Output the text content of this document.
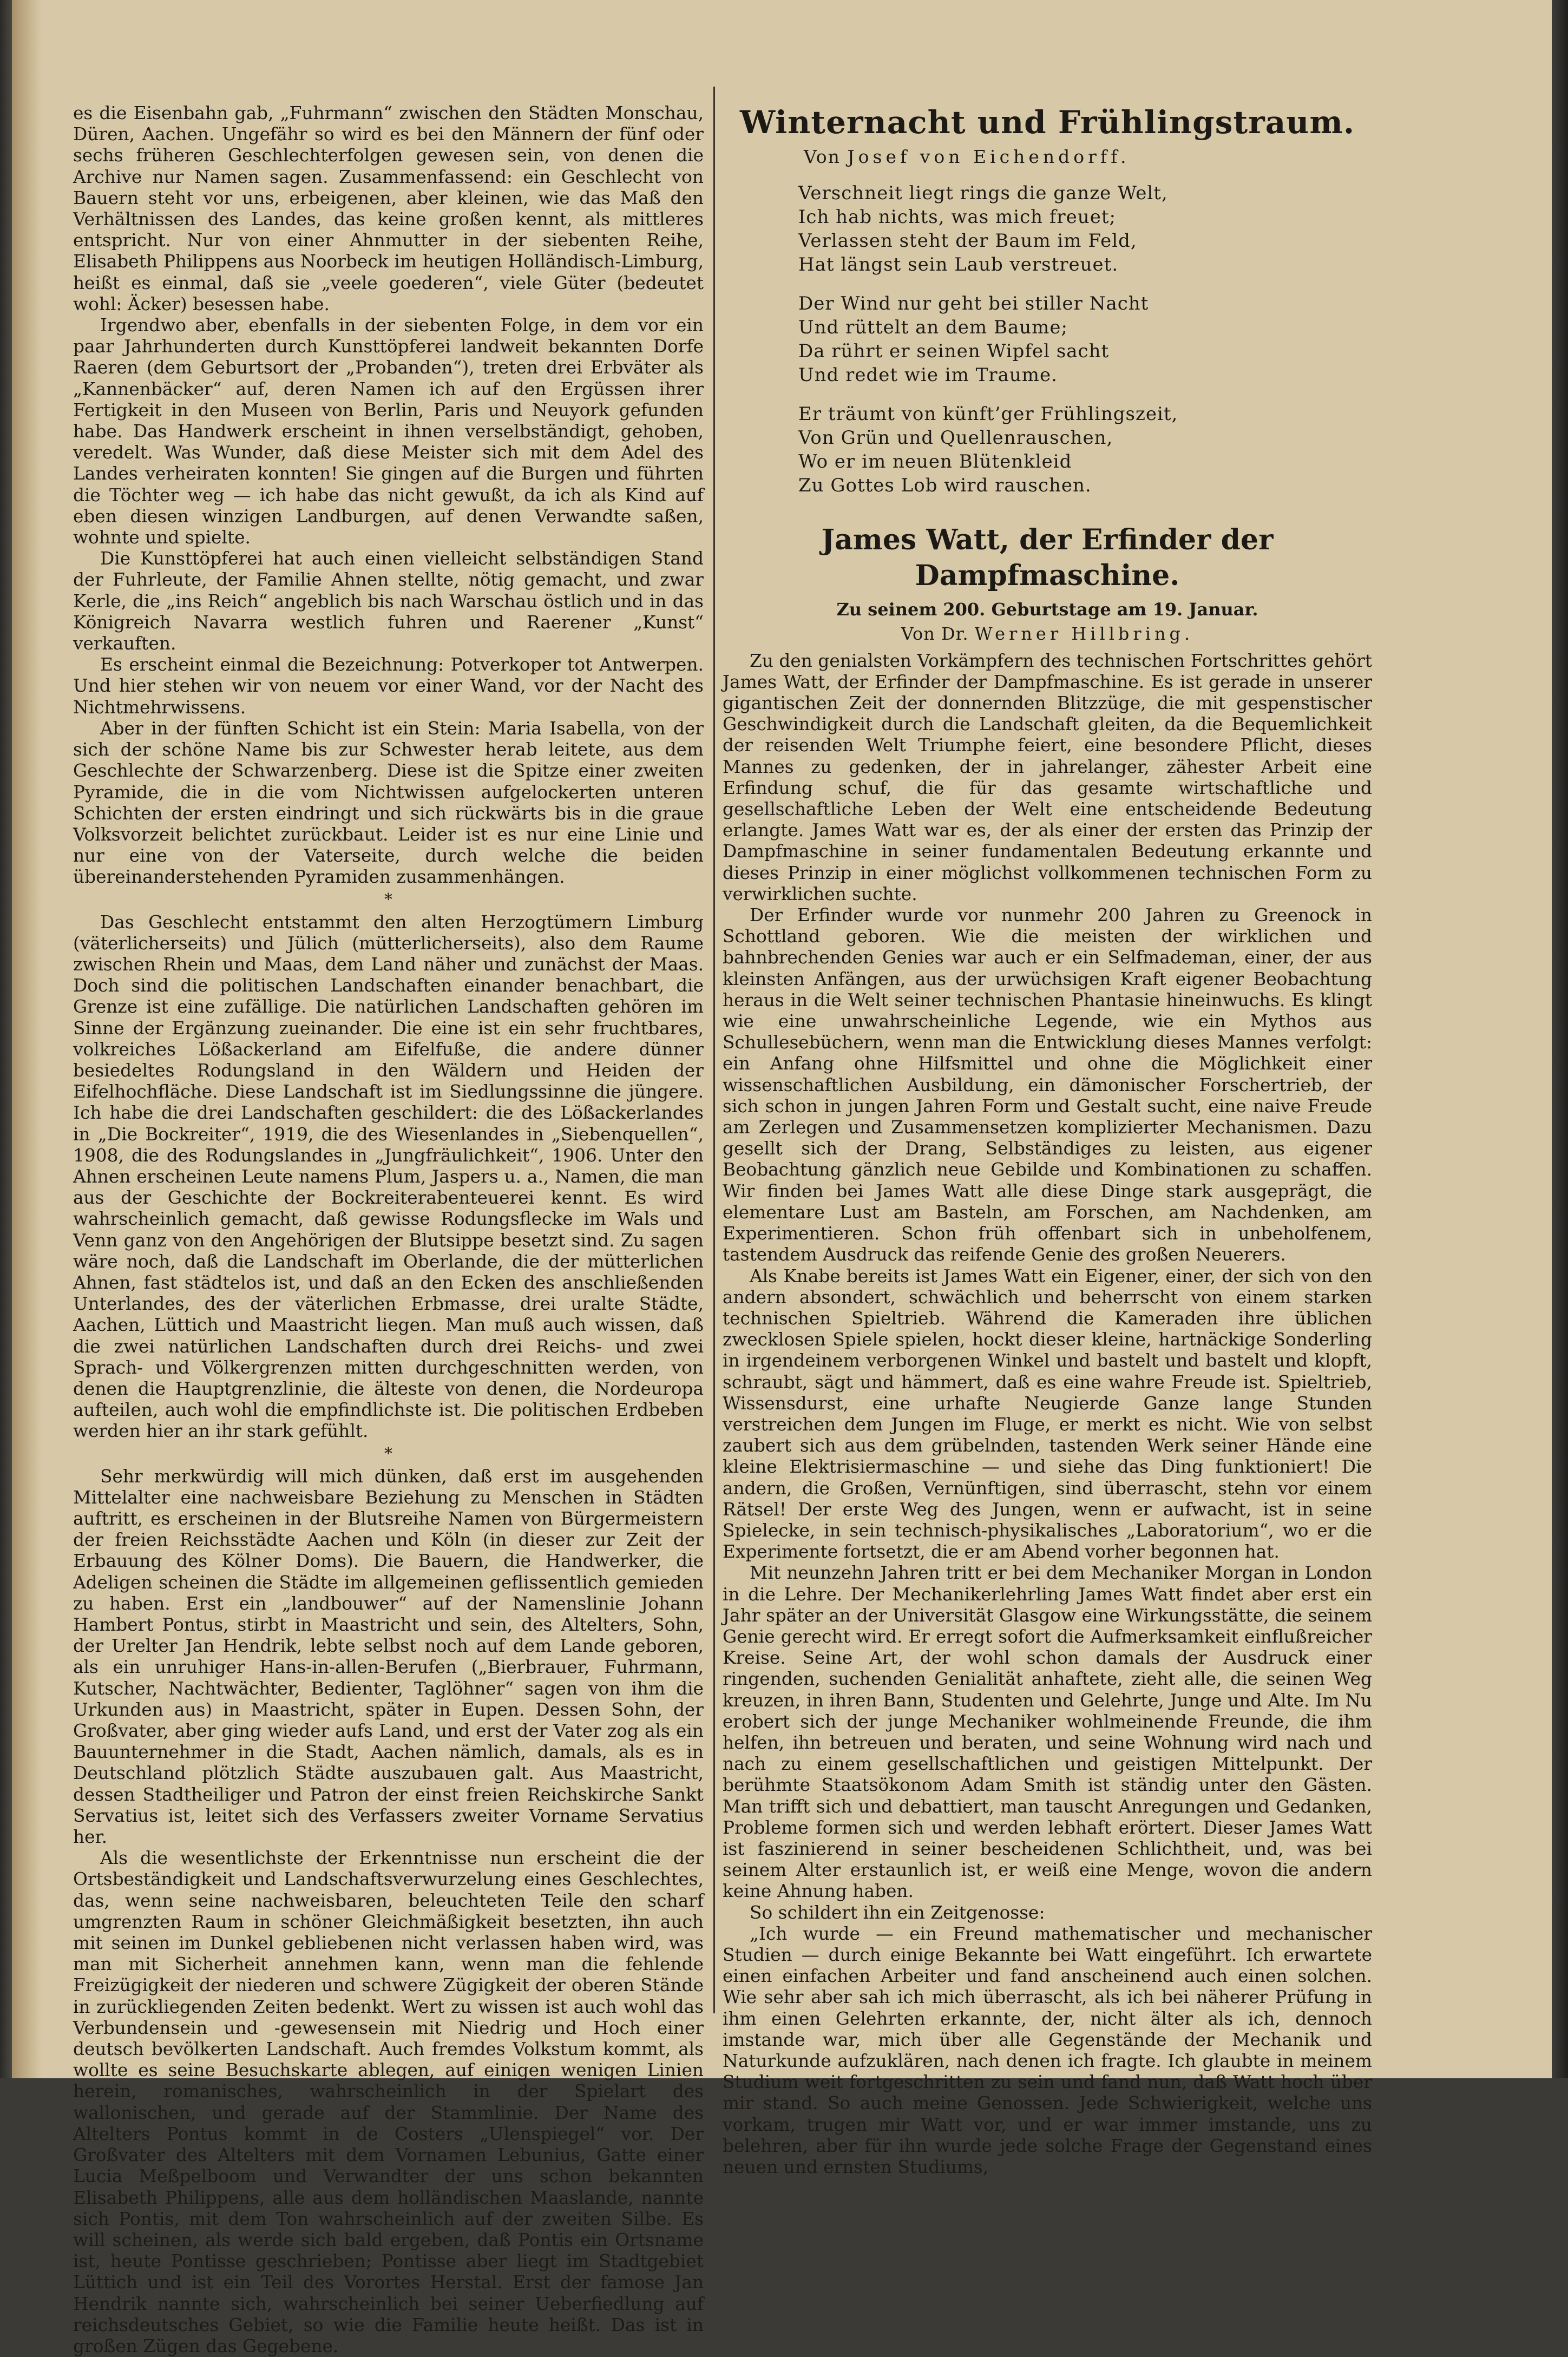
es die Eisenbahn gab, „Fuhrmann“ zwischen den Städten Monschau, Düren, Aachen. Ungefähr so wird es bei den Männern der fünf oder sechs früheren Geschlechterfolgen gewesen sein, von denen die Archive nur Namen sagen. Zusammenfassend: ein Geschlecht von Bauern steht vor uns, erbeigenen, aber kleinen, wie das Maß den Verhältnissen des Landes, das keine großen kennt, als mittleres entspricht. Nur von einer Ahnmutter in der siebenten Reihe, Elisabeth Philippens aus Noorbeck im heutigen Holländisch-Limburg, heißt es einmal, daß sie „veele goederen“, viele Güter (bedeutet wohl: Äcker) besessen habe.

Irgendwo aber, ebenfalls in der siebenten Folge, in dem vor ein paar Jahrhunderten durch Kunsttöpferei landweit bekannten Dorfe Raeren (dem Geburtsort der „Probanden“), treten drei Erbväter als „Kannenbäcker“ auf, deren Namen ich auf den Ergüssen ihrer Fertigkeit in den Museen von Berlin, Paris und Neuyork gefunden habe. Das Handwerk erscheint in ihnen verselbständigt, gehoben, veredelt. Was Wunder, daß diese Meister sich mit dem Adel des Landes verheiraten konnten! Sie gingen auf die Burgen und führten die Töchter weg — ich habe das nicht gewußt, da ich als Kind auf eben diesen winzigen Landburgen, auf denen Verwandte saßen, wohnte und spielte.

Die Kunsttöpferei hat auch einen vielleicht selbständigen Stand der Fuhrleute, der Familie Ahnen stellte, nötig gemacht, und zwar Kerle, die „ins Reich“ angeblich bis nach Warschau östlich und in das Königreich Navarra westlich fuhren und Raerener „Kunst“ verkauften.

Es erscheint einmal die Bezeichnung: Potverkoper tot Antwerpen. Und hier stehen wir von neuem vor einer Wand, vor der Nacht des Nichtmehrwissens.

Aber in der fünften Schicht ist ein Stein: Maria Isabella, von der sich der schöne Name bis zur Schwester herab leitete, aus dem Geschlechte der Schwarzenberg. Diese ist die Spitze einer zweiten Pyramide, die in die vom Nichtwissen aufgelockerten unteren Schichten der ersten eindringt und sich rückwärts bis in die graue Volksvorzeit belichtet zurückbaut. Leider ist es nur eine Linie und nur eine von der Vaterseite, durch welche die beiden übereinanderstehenden Pyramiden zusammenhängen.

*

Das Geschlecht entstammt den alten Herzogtümern Limburg (väterlicherseits) und Jülich (mütterlicherseits), also dem Raume zwischen Rhein und Maas, dem Land näher und zunächst der Maas. Doch sind die politischen Landschaften einander benachbart, die Grenze ist eine zufällige. Die natürlichen Landschaften gehören im Sinne der Ergänzung zueinander. Die eine ist ein sehr fruchtbares, volkreiches Lößackerland am Eifelfuße, die andere dünner besiedeltes Rodungsland in den Wäldern und Heiden der Eifelhochfläche. Diese Landschaft ist im Siedlungssinne die jüngere. Ich habe die drei Landschaften geschildert: die des Lößackerlandes in „Die Bockreiter“, 1919, die des Wiesenlandes in „Siebenquellen“, 1908, die des Rodungslandes in „Jungfräulichkeit“, 1906. Unter den Ahnen erscheinen Leute namens Plum, Jaspers u. a., Namen, die man aus der Geschichte der Bockreiterabenteuerei kennt. Es wird wahrscheinlich gemacht, daß gewisse Rodungsflecke im Wals und Venn ganz von den Angehörigen der Blutsippe besetzt sind. Zu sagen wäre noch, daß die Landschaft im Oberlande, die der mütterlichen Ahnen, fast städtelos ist, und daß an den Ecken des anschließenden Unterlandes, des der väterlichen Erbmasse, drei uralte Städte, Aachen, Lüttich und Maastricht liegen. Man muß auch wissen, daß die zwei natürlichen Landschaften durch drei Reichs- und zwei Sprach- und Völkergrenzen mitten durchgeschnitten werden, von denen die Hauptgrenzlinie, die älteste von denen, die Nordeuropa aufteilen, auch wohl die empfindlichste ist. Die politischen Erdbeben werden hier an ihr stark gefühlt.

*

Sehr merkwürdig will mich dünken, daß erst im ausgehenden Mittelalter eine nachweisbare Beziehung zu Menschen in Städten auftritt, es erscheinen in der Blutsreihe Namen von Bürgermeistern der freien Reichsstädte Aachen und Köln (in dieser zur Zeit der Erbauung des Kölner Doms). Die Bauern, die Handwerker, die Adeligen scheinen die Städte im allgemeinen geflissentlich gemieden zu haben. Erst ein „landbouwer“ auf der Namenslinie Johann Hambert Pontus, stirbt in Maastricht und sein, des Altelters, Sohn, der Urelter Jan Hendrik, lebte selbst noch auf dem Lande geboren, als ein unruhiger Hans-in-allen-Berufen („Bierbrauer, Fuhrmann, Kutscher, Nachtwächter, Bedienter, Taglöhner“ sagen von ihm die Urkunden aus) in Maastricht, später in Eupen. Dessen Sohn, der Großvater, aber ging wieder aufs Land, und erst der Vater zog als ein Bauunternehmer in die Stadt, Aachen nämlich, damals, als es in Deutschland plötzlich Städte auszubauen galt. Aus Maastricht, dessen Stadtheiliger und Patron der einst freien Reichskirche Sankt Servatius ist, leitet sich des Verfassers zweiter Vorname Servatius her.

Als die wesentlichste der Erkenntnisse nun erscheint die der Ortsbeständigkeit und Landschaftsverwurzelung eines Geschlechtes, das, wenn seine nachweisbaren, beleuchteten Teile den scharf umgrenzten Raum in schöner Gleichmäßigkeit besetzten, ihn auch mit seinen im Dunkel gebliebenen nicht verlassen haben wird, was man mit Sicherheit annehmen kann, wenn man die fehlende Freizügigkeit der niederen und schwere Zügigkeit der oberen Stände in zurückliegenden Zeiten bedenkt. Wert zu wissen ist auch wohl das Verbundensein und -gewesensein mit Niedrig und Hoch einer deutsch bevölkerten Landschaft. Auch fremdes Volkstum kommt, als wollte es seine Besuchskarte ablegen, auf einigen wenigen Linien herein, romanisches, wahrscheinlich in der Spielart des wallonischen, und gerade auf der Stammlinie. Der Name des Altelters Pontus kommt in de Costers „Ulenspiegel“ vor. Der Großvater des Altelters mit dem Vornamen Lebunius, Gatte einer Lucia Meßpelboom und Verwandter der uns schon bekannten Elisabeth Philippens, alle aus dem holländischen Maaslande, nannte sich Pontis, mit dem Ton wahrscheinlich auf der zweiten Silbe. Es will scheinen, als werde sich bald ergeben, daß Pontis ein Ortsname ist, heute Pontisse geschrieben; Pontisse aber liegt im Stadtgebiet Lüttich und ist ein Teil des Vorortes Herstal. Erst der famose Jan Hendrik nannte sich, wahrscheinlich bei seiner Ueberfiedlung auf reichsdeutsches Gebiet, so wie die Familie heute heißt. Das ist in großen Zügen das Gegebene.

Winternacht und Frühlingstraum.
Von Josef von Eichendorff.
Verschneit liegt rings die ganze Welt,
Ich hab nichts, was mich freuet;
Verlassen steht der Baum im Feld,
Hat längst sein Laub verstreuet.
Der Wind nur geht bei stiller Nacht
Und rüttelt an dem Baume;
Da rührt er seinen Wipfel sacht
Und redet wie im Traume.
Er träumt von künft’ger Frühlingszeit,
Von Grün und Quellenrauschen,
Wo er im neuen Blütenkleid
Zu Gottes Lob wird rauschen.
James Watt, der Erfinder der Dampfmaschine.
Zu seinem 200. Geburtstage am 19. Januar.
Von Dr. Werner Hillbring.

Zu den genialsten Vorkämpfern des technischen Fortschrittes gehört James Watt, der Erfinder der Dampfmaschine. Es ist gerade in unserer gigantischen Zeit der donnernden Blitzzüge, die mit gespenstischer Geschwindigkeit durch die Landschaft gleiten, da die Bequemlichkeit der reisenden Welt Triumphe feiert, eine besondere Pflicht, dieses Mannes zu gedenken, der in jahrelanger, zähester Arbeit eine Erfindung schuf, die für das gesamte wirtschaftliche und gesellschaftliche Leben der Welt eine entscheidende Bedeutung erlangte. James Watt war es, der als einer der ersten das Prinzip der Dampfmaschine in seiner fundamentalen Bedeutung erkannte und dieses Prinzip in einer möglichst vollkommenen technischen Form zu verwirklichen suchte.

Der Erfinder wurde vor nunmehr 200 Jahren zu Greenock in Schottland geboren. Wie die meisten der wirklichen und bahnbrechenden Genies war auch er ein Selfmademan, einer, der aus kleinsten Anfängen, aus der urwüchsigen Kraft eigener Beobachtung heraus in die Welt seiner technischen Phantasie hineinwuchs. Es klingt wie eine unwahrscheinliche Legende, wie ein Mythos aus Schullesebüchern, wenn man die Entwicklung dieses Mannes verfolgt: ein Anfang ohne Hilfsmittel und ohne die Möglichkeit einer wissenschaftlichen Ausbildung, ein dämonischer Forschertrieb, der sich schon in jungen Jahren Form und Gestalt sucht, eine naive Freude am Zerlegen und Zusammensetzen komplizierter Mechanismen. Dazu gesellt sich der Drang, Selbständiges zu leisten, aus eigener Beobachtung gänzlich neue Gebilde und Kombinationen zu schaffen. Wir finden bei James Watt alle diese Dinge stark ausgeprägt, die elementare Lust am Basteln, am Forschen, am Nachdenken, am Experimentieren. Schon früh offenbart sich in unbeholfenem, tastendem Ausdruck das reifende Genie des großen Neuerers.

Als Knabe bereits ist James Watt ein Eigener, einer, der sich von den andern absondert, schwächlich und beherrscht von einem starken technischen Spieltrieb. Während die Kameraden ihre üblichen zwecklosen Spiele spielen, hockt dieser kleine, hartnäckige Sonderling in irgendeinem verborgenen Winkel und bastelt und bastelt und klopft, schraubt, sägt und hämmert, daß es eine wahre Freude ist. Spieltrieb, Wissensdurst, eine urhafte Neugierde Ganze lange Stunden verstreichen dem Jungen im Fluge, er merkt es nicht. Wie von selbst zaubert sich aus dem grübelnden, tastenden Werk seiner Hände eine kleine Elektrisiermaschine — und siehe das Ding funktioniert! Die andern, die Großen, Vernünftigen, sind überrascht, stehn vor einem Rätsel! Der erste Weg des Jungen, wenn er aufwacht, ist in seine Spielecke, in sein technisch-physikalisches „Laboratorium“, wo er die Experimente fortsetzt, die er am Abend vorher begonnen hat.

Mit neunzehn Jahren tritt er bei dem Mechaniker Morgan in London in die Lehre. Der Mechanikerlehrling James Watt findet aber erst ein Jahr später an der Universität Glasgow eine Wirkungsstätte, die seinem Genie gerecht wird. Er erregt sofort die Aufmerksamkeit einflußreicher Kreise. Seine Art, der wohl schon damals der Ausdruck einer ringenden, suchenden Genialität anhaftete, zieht alle, die seinen Weg kreuzen, in ihren Bann, Studenten und Gelehrte, Junge und Alte. Im Nu erobert sich der junge Mechaniker wohlmeinende Freunde, die ihm helfen, ihn betreuen und beraten, und seine Wohnung wird nach und nach zu einem gesellschaftlichen und geistigen Mittelpunkt. Der berühmte Staatsökonom Adam Smith ist ständig unter den Gästen. Man trifft sich und debattiert, man tauscht Anregungen und Gedanken, Probleme formen sich und werden lebhaft erörtert. Dieser James Watt ist faszinierend in seiner bescheidenen Schlichtheit, und, was bei seinem Alter erstaunlich ist, er weiß eine Menge, wovon die andern keine Ahnung haben.

So schildert ihn ein Zeitgenosse:

„Ich wurde — ein Freund mathematischer und mechanischer Studien — durch einige Bekannte bei Watt eingeführt. Ich erwartete einen einfachen Arbeiter und fand anscheinend auch einen solchen. Wie sehr aber sah ich mich überrascht, als ich bei näherer Prüfung in ihm einen Gelehrten erkannte, der, nicht älter als ich, dennoch imstande war, mich über alle Gegenstände der Mechanik und Naturkunde aufzuklären, nach denen ich fragte. Ich glaubte in meinem Studium weit fortgeschritten zu sein und fand nun, daß Watt hoch über mir stand. So auch meine Genossen. Jede Schwierigkeit, welche uns vorkam, trugen mir Watt vor, und er war immer imstande, uns zu belehren, aber für ihn wurde jede solche Frage der Gegenstand eines neuen und ernsten Studiums,
